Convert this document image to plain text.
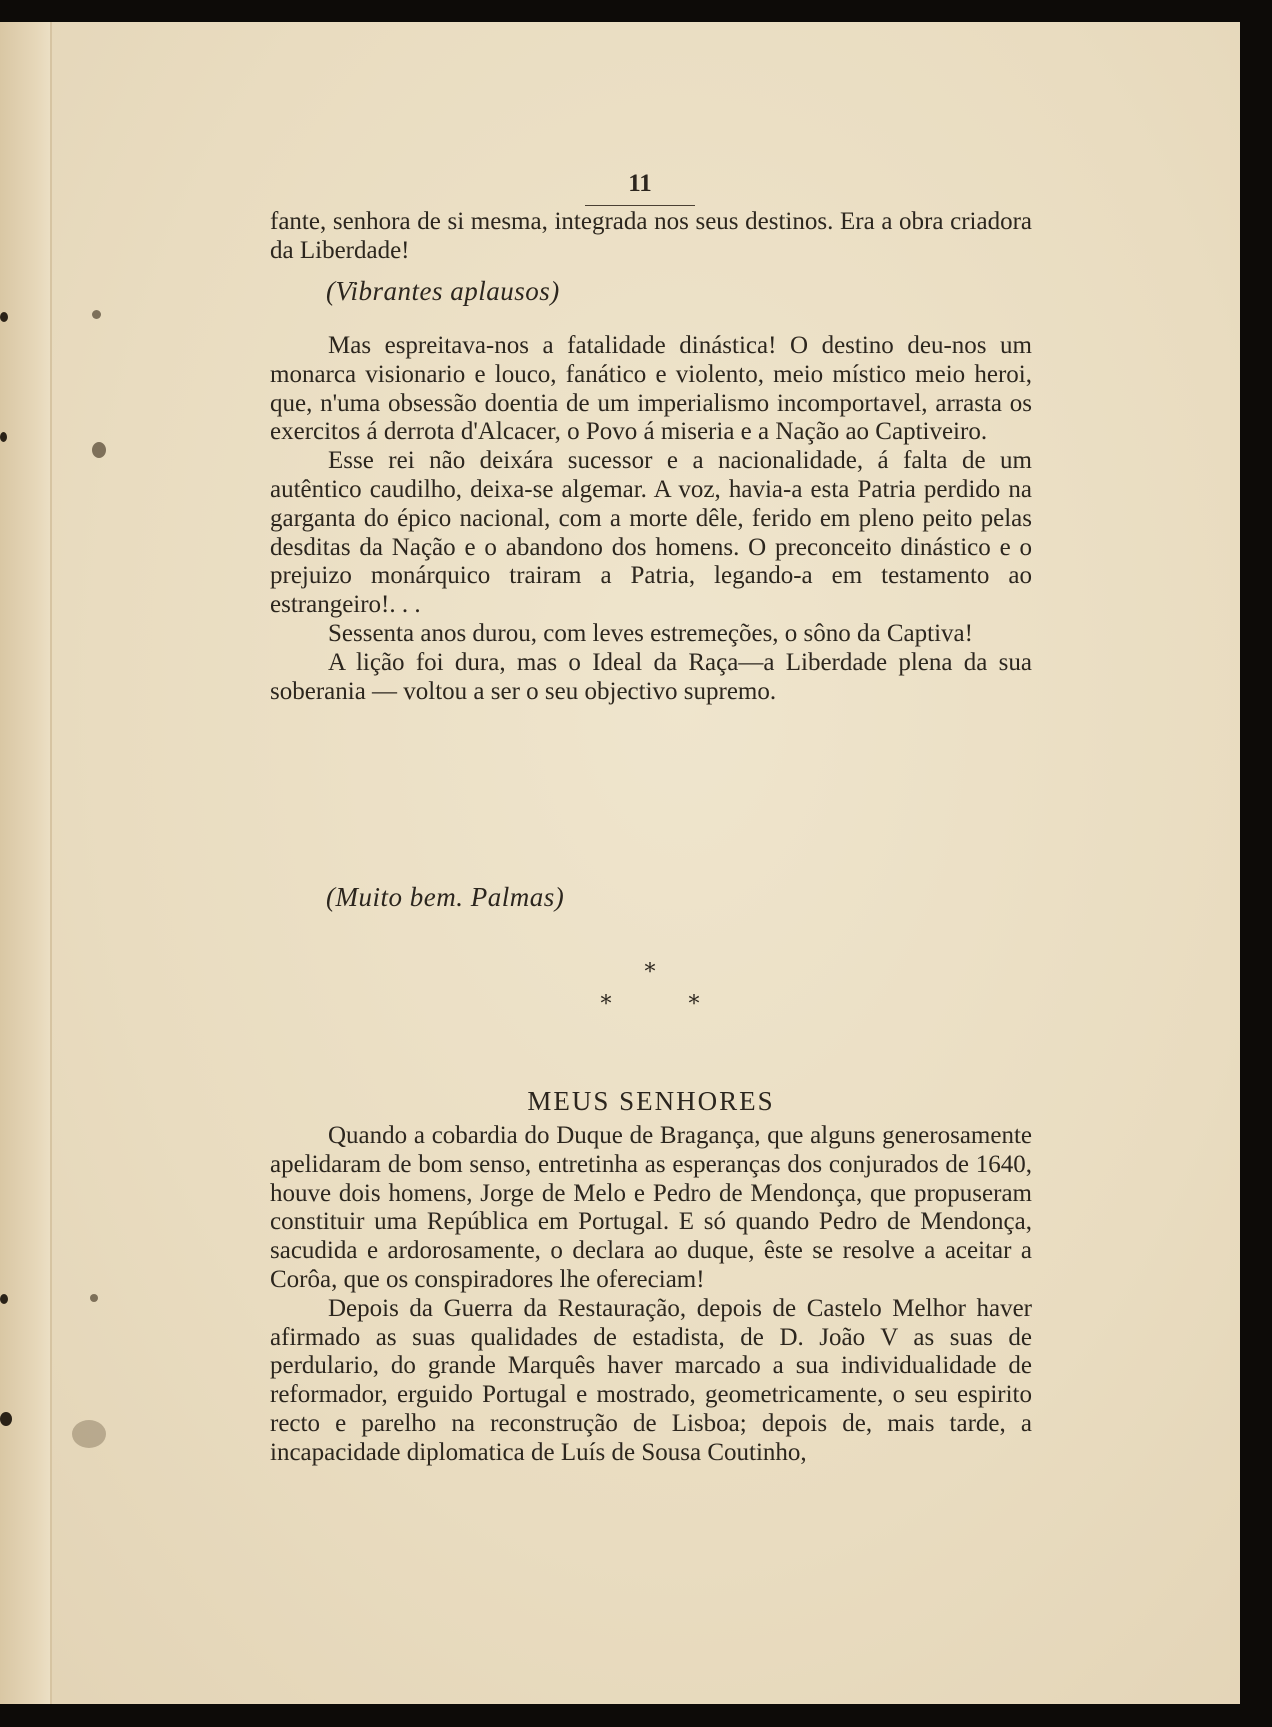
11

fante, senhora de si mesma, integrada nos seus destinos. Era a obra criadora da Liberdade!

(Vibrantes aplausos)

Mas espreitava-nos a fatalidade dinástica! O destino deu-nos um monarca visionario e louco, fanático e violento, meio místico meio heroi, que, n'uma obsessão doentia de um imperialismo incomportavel, arrasta os exercitos á derrota d'Alcacer, o Povo á miseria e a Nação ao Captiveiro.

Esse rei não deixára sucessor e a nacionalidade, á falta de um autêntico caudilho, deixa-se algemar. A voz, havia-a esta Patria perdido na garganta do épico nacional, com a morte dêle, ferido em pleno peito pelas desditas da Nação e o abandono dos homens. O preconceito dinástico e o prejuizo monárquico trairam a Patria, legando-a em testamento ao estrangeiro!. . .

Sessenta anos durou, com leves estremeções, o sôno da Captiva!

A lição foi dura, mas o Ideal da Raça—a Liberdade plena da sua soberania — voltou a ser o seu objectivo supremo.

(Muito bem. Palmas)
*
*	*
MEUS SENHORES

Quando a cobardia do Duque de Bragança, que alguns generosamente apelidaram de bom senso, entretinha as esperanças dos conjurados de 1640, houve dois homens, Jorge de Melo e Pedro de Mendonça, que propuseram constituir uma República em Portugal. E só quando Pedro de Mendonça, sacudida e ardorosamente, o declara ao duque, êste se resolve a aceitar a Corôa, que os conspiradores lhe ofereciam!

Depois da Guerra da Restauração, depois de Castelo Melhor haver afirmado as suas qualidades de estadista, de D. João V as suas de perdulario, do grande Marquês haver marcado a sua individualidade de reformador, erguido Portugal e mostrado, geometricamente, o seu espirito recto e parelho na reconstrução de Lisboa; depois de, mais tarde, a incapacidade diplomatica de Luís de Sousa Coutinho,
